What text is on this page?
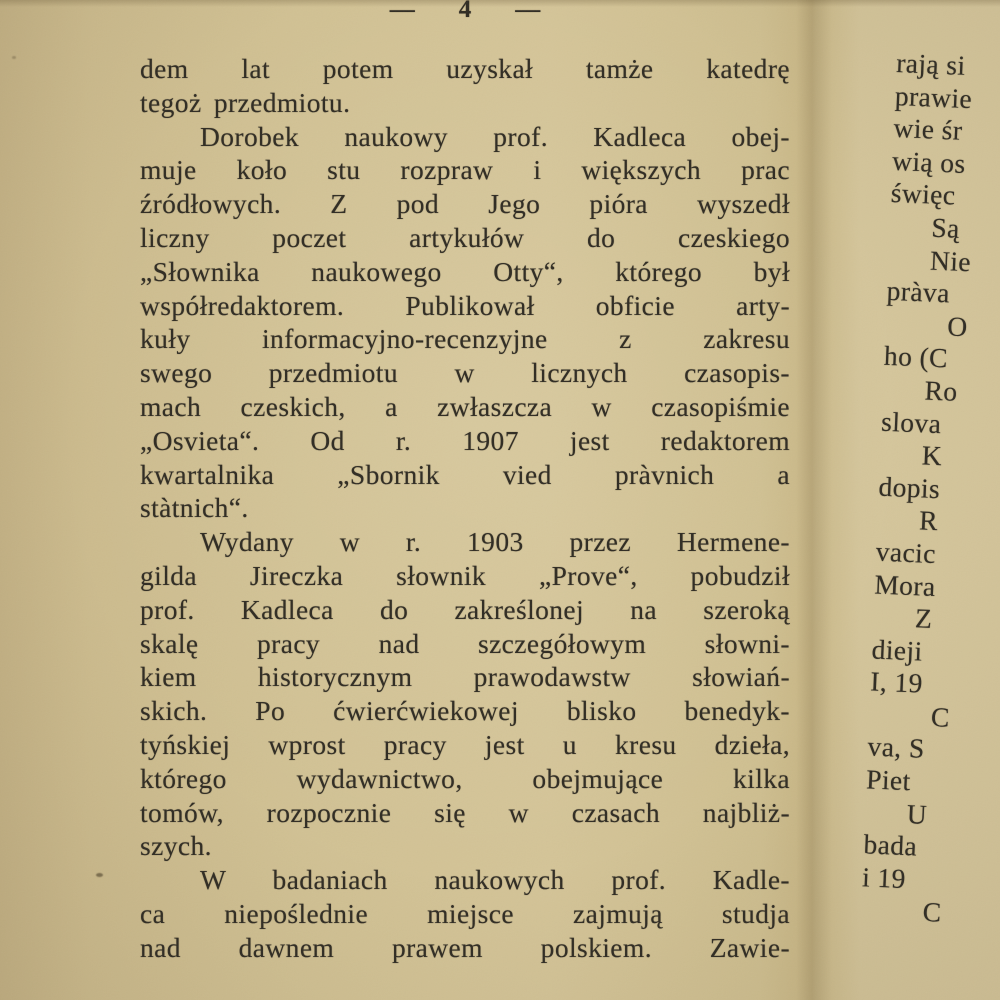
— 4 —
dem lat potem uzyskał tamże katedrę
tegoż przedmiotu.
Dorobek naukowy prof. Kadleca obej-
muje koło stu rozpraw i większych prac
źródłowych. Z pod Jego pióra wyszedł
liczny poczet artykułów do czeskiego
„Słownika naukowego Otty“, którego był
współredaktorem. Publikował obficie arty-
kuły informacyjno-recenzyjne z zakresu
swego przedmiotu w licznych czasopis-
mach czeskich, a zwłaszcza w czasopiśmie
„Osvieta“. Od r. 1907 jest redaktorem
kwartalnika „Sbornik vied pràvnich a
stàtnich“.
Wydany w r. 1903 przez Hermene-
gilda Jireczka słownik „Prove“, pobudził
prof. Kadleca do zakreślonej na szeroką
skalę pracy nad szczegółowym słowni-
kiem historycznym prawodawstw słowiań-
skich. Po ćwierćwiekowej blisko benedyk-
tyńskiej wprost pracy jest u kresu dzieła,
którego wydawnictwo, obejmujące kilka
tomów, rozpocznie się w czasach najbliż-
szych.
W badaniach naukowych prof. Kadle-
ca niepoślednie miejsce zajmują studja
nad dawnem prawem polskiem. Zawie-
rają si
prawie
wie śr
wią os
święc
Są
Nie
pràva
O
ho (C
Ro
slova
K
dopis
R
vacic
Mora
Z
dieji
I, 19
C
va, S
Piet
U
bada
i 19
C
